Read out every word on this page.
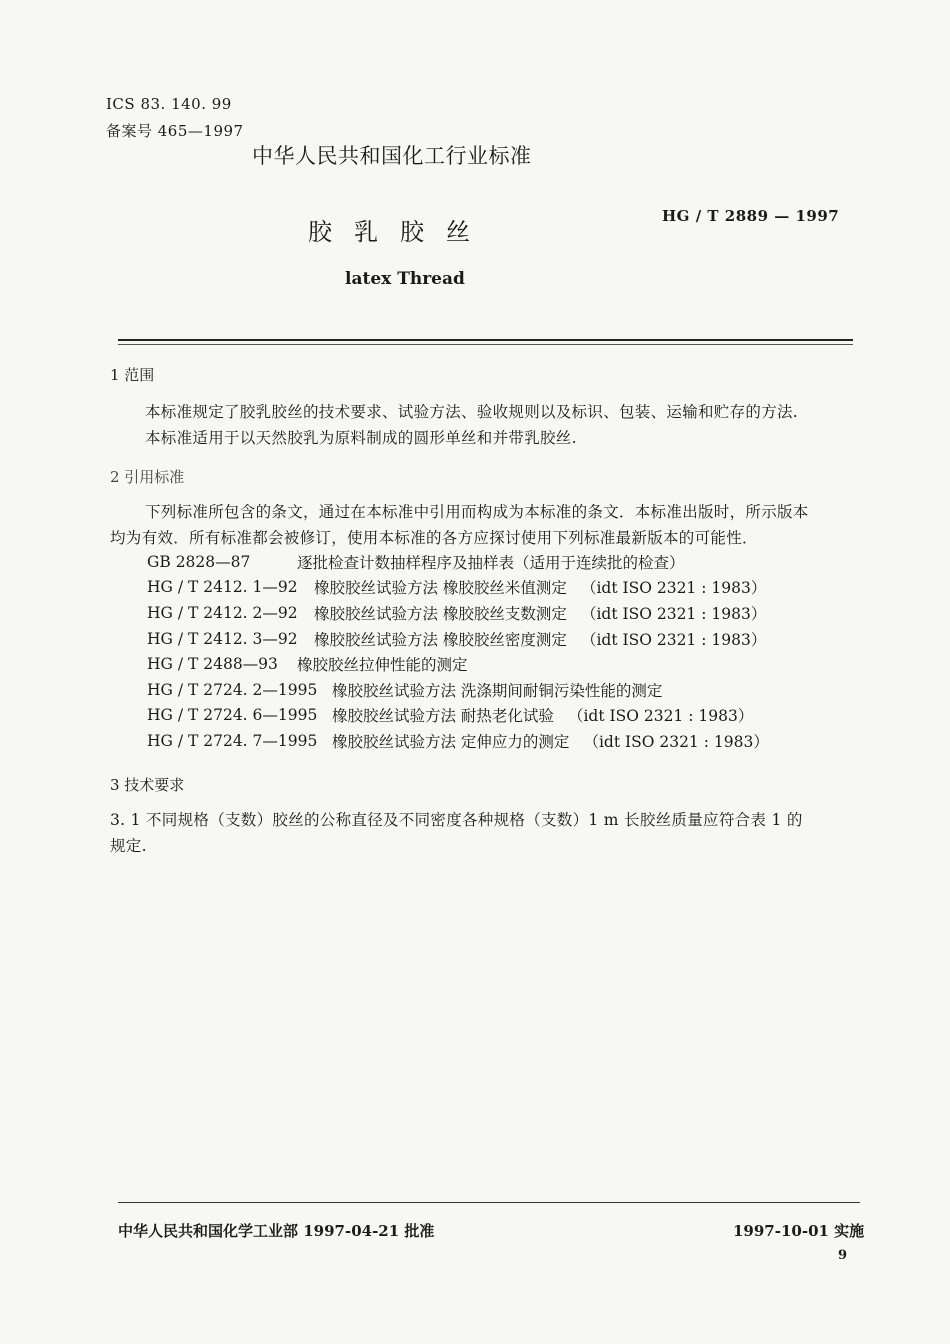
ICS 83. 140. 99
备案号 465—1997
中华人民共和国化工行业标准
胶乳胶丝
HG / T 2889 — 1997
latex Thread
1 范围
本标准规定了胶乳胶丝的技术要求、试验方法、验收规则以及标识、包装、运输和贮存的方法.
本标准适用于以天然胶乳为原料制成的圆形单丝和并带乳胶丝.
2 引用标准
下列标准所包含的条文，通过在本标准中引用而构成为本标准的条文．本标准出版时，所示版本
均为有效．所有标准都会被修订，使用本标准的各方应探讨使用下列标准最新版本的可能性．
GB 2828—87	逐批检查计数抽样程序及抽样表（适用于连续批的检查）
HG / T 2412. 1—92	橡胶胶丝试验方法 橡胶胶丝米值测定 （idt ISO 2321 : 1983）
HG / T 2412. 2—92	橡胶胶丝试验方法 橡胶胶丝支数测定 （idt ISO 2321 : 1983）
HG / T 2412. 3—92	橡胶胶丝试验方法 橡胶胶丝密度测定 （idt ISO 2321 : 1983）
HG / T 2488—93	橡胶胶丝拉伸性能的测定
HG / T 2724. 2—1995 橡胶胶丝试验方法 洗涤期间耐铜污染性能的测定
HG / T 2724. 6—1995 橡胶胶丝试验方法 耐热老化试验 （idt ISO 2321 : 1983）
HG / T 2724. 7—1995 橡胶胶丝试验方法 定伸应力的测定 （idt ISO 2321 : 1983）
3 技术要求
3. 1 不同规格（支数）胶丝的公称直径及不同密度各种规格（支数）1 m 长胶丝质量应符合表 1 的
规定.
中华人民共和国化学工业部 1997-04-21 批准	1997-10-01 实施
9
